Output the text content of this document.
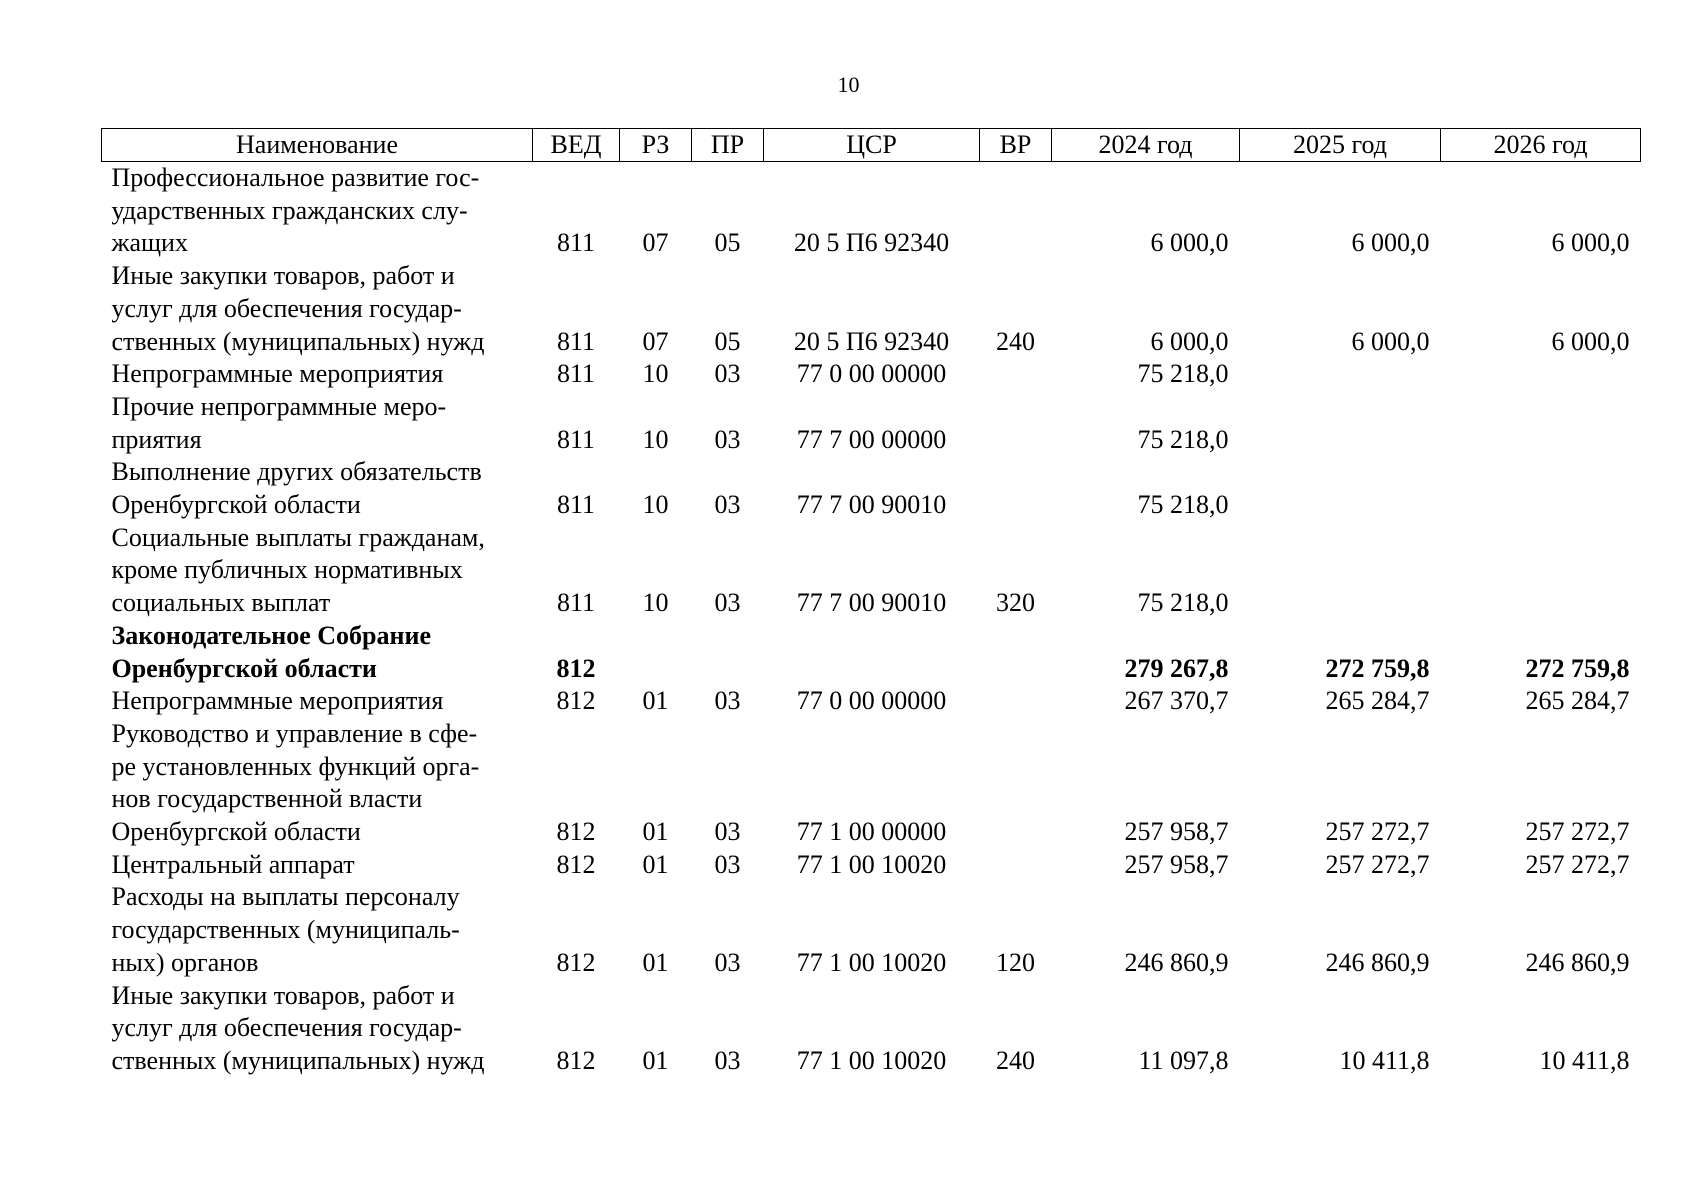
10
Наименование	ВЕД	РЗ	ПР	ЦСР	ВР	2024 год	2025 год	2026 год

Профессиональное развитие гос-
ударственных гражданских слу-
жащих	811	07	05	20 5 П6 92340		6 000,0	6 000,0	6 000,0

Иные закупки товаров, работ и
услуг для обеспечения государ-
ственных (муниципальных) нужд	811	07	05	20 5 П6 92340	240	6 000,0	6 000,0	6 000,0

Непрограммные мероприятия	811	10	03	77 0 00 00000		75 218,0		

Прочие непрограммные меро-
приятия	811	10	03	77 7 00 00000		75 218,0		

Выполнение других обязательств
Оренбургской области	811	10	03	77 7 00 90010		75 218,0		

Социальные выплаты гражданам,
кроме публичных нормативных
социальных выплат	811	10	03	77 7 00 90010	320	75 218,0		

Законодательное Собрание
Оренбургской области	812					279 267,8	272 759,8	272 759,8

Непрограммные мероприятия	812	01	03	77 0 00 00000		267 370,7	265 284,7	265 284,7

Руководство и управление в сфе-
ре установленных функций орга-
нов государственной власти
Оренбургской области	812	01	03	77 1 00 00000		257 958,7	257 272,7	257 272,7

Центральный аппарат	812	01	03	77 1 00 10020		257 958,7	257 272,7	257 272,7

Расходы на выплаты персоналу
государственных (муниципаль-
ных) органов	812	01	03	77 1 00 10020	120	246 860,9	246 860,9	246 860,9

Иные закупки товаров, работ и
услуг для обеспечения государ-
ственных (муниципальных) нужд	812	01	03	77 1 00 10020	240	11 097,8	10 411,8	10 411,8
